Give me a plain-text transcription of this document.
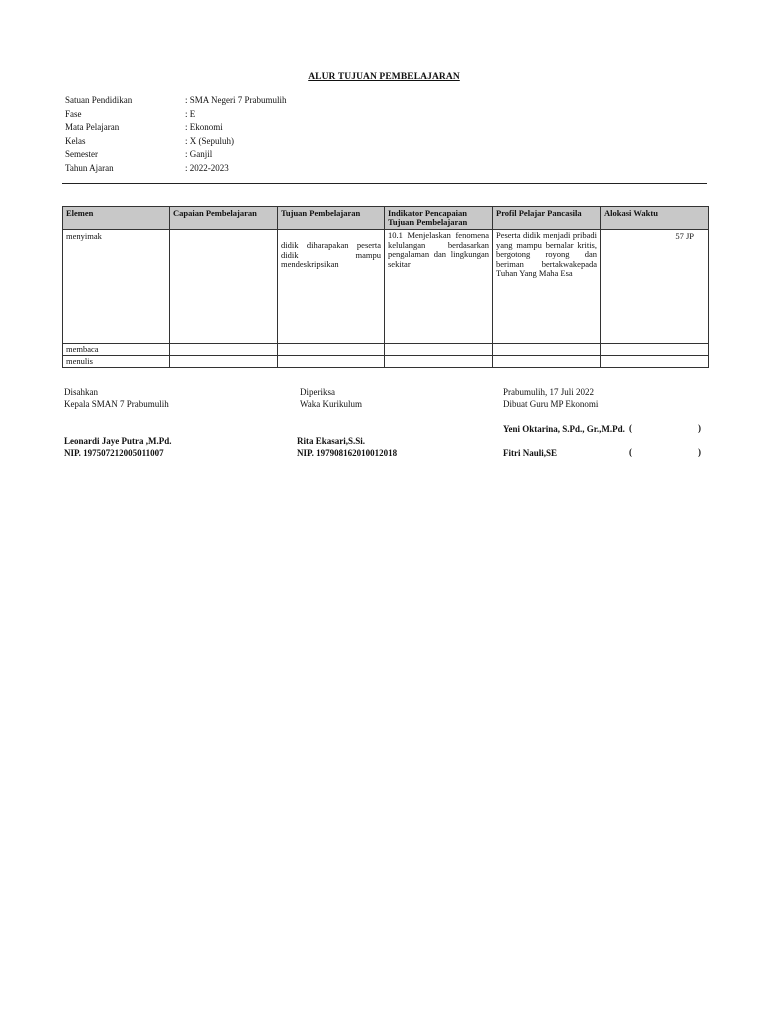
ALUR TUJUAN PEMBELAJARAN
Satuan Pendidikan	: SMA Negeri 7 Prabumulih
Fase	: E
Mata Pelajaran	: Ekonomi
Kelas	: X (Sepuluh)
Semester	: Ganjil
Tahun Ajaran	: 2022-2023
Elemen	Capaian Pembelajaran	Tujuan Pembelajaran	Indikator Pencapaian Tujuan Pembelajaran	Profil Pelajar Pancasila	Alokasi Waktu
menyimak		didik diharapakan peserta didik mampu mendeskripsikan	10.1 Menjelaskan fenomena kelulangan berdasarkan pengalaman dan lingkungan sekitar	Peserta didik menjadi pribadi yang mampu bernalar kritis, bergotong royong dan beriman bertakwakepada Tuhan Yang Maha Esa	57 JP
membaca					
menulis					
Disahkan
Kepala SMAN 7 Prabumulih
Leonardi Jaye Putra ,M.Pd.
NIP. 197507212005011007
Diperiksa
Waka Kurikulum
Rita Ekasari,S.Si.
NIP. 197908162010012018
Prabumulih, 17 Juli 2022
Dibuat Guru MP Ekonomi
Yeni Oktarina, S.Pd., Gr.,M.Pd. (	)
Fitri Nauli,SE	(	)
